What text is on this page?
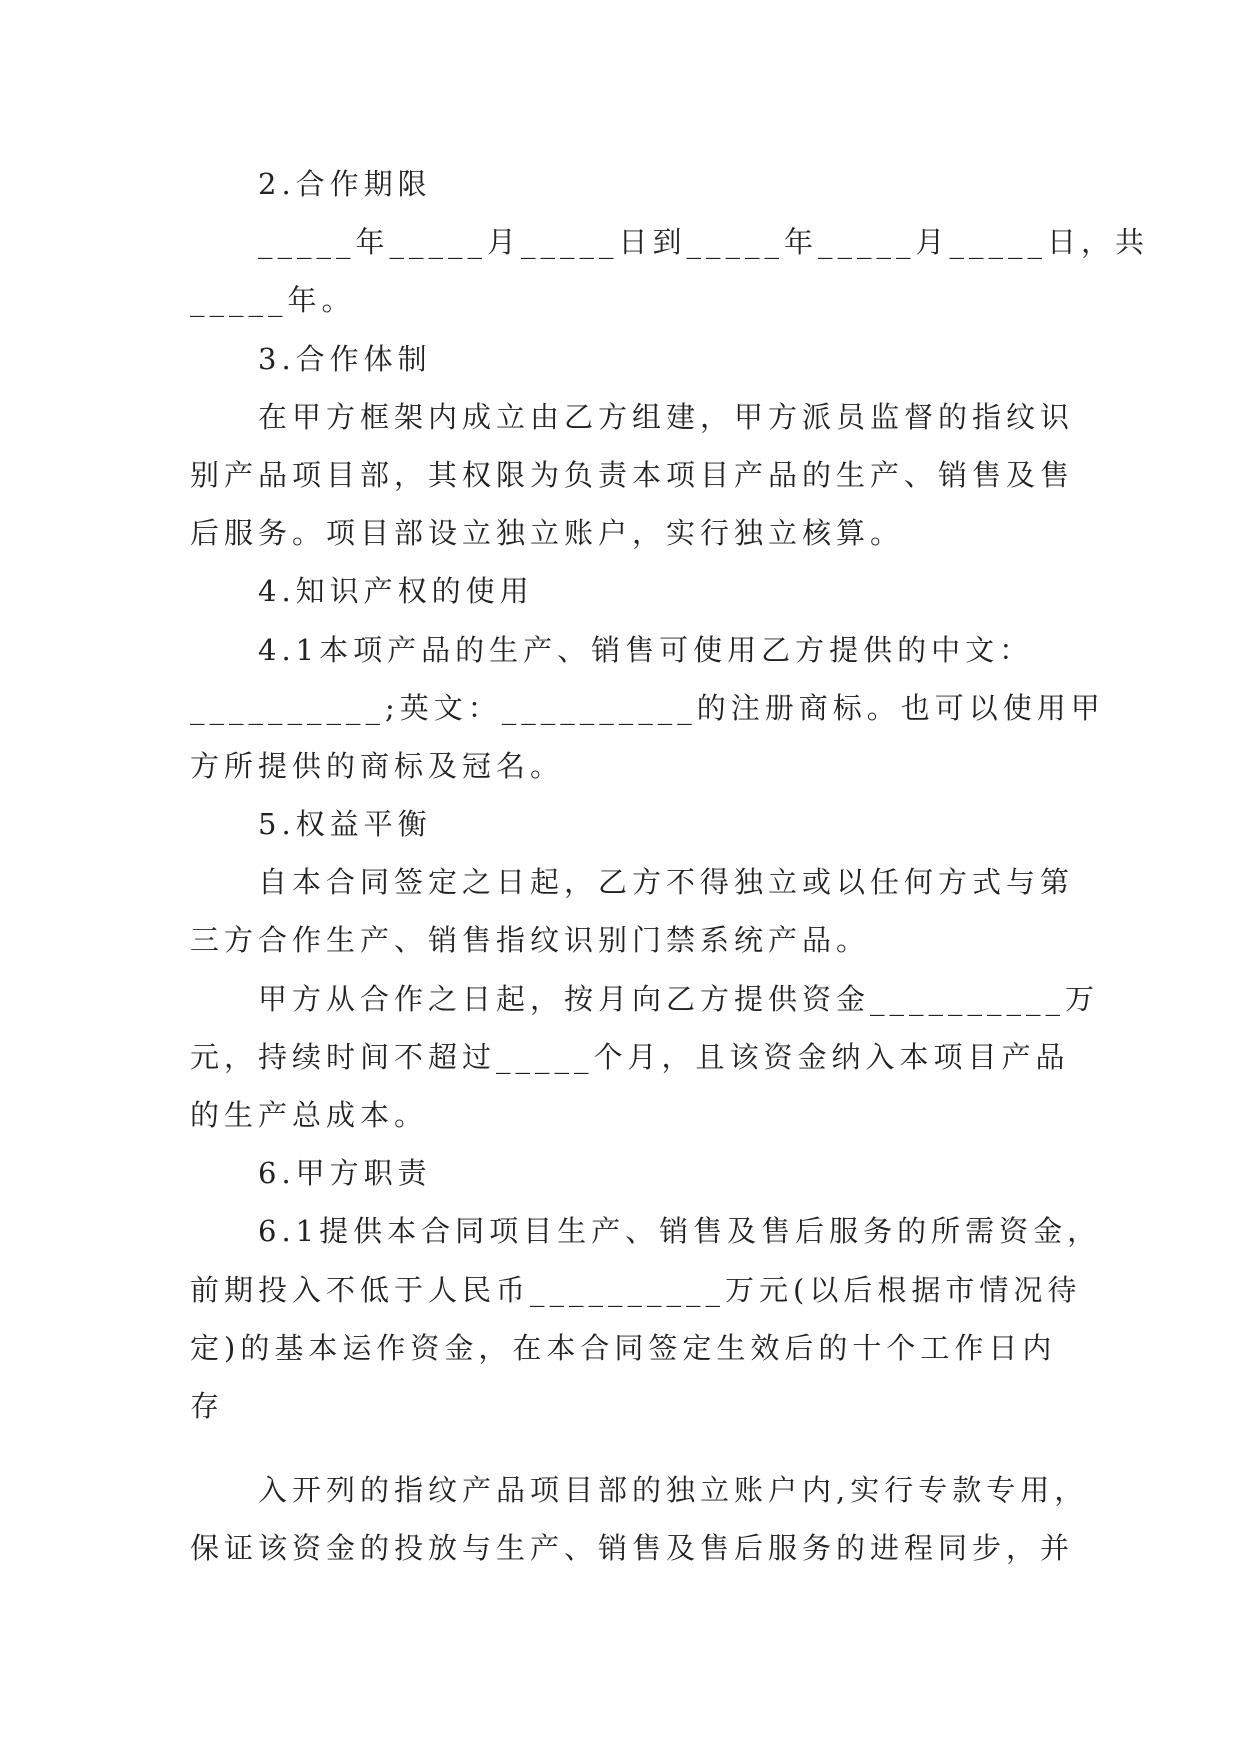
2.合作期限
_____年_____月_____日到_____年_____月_____日，共
_____年。
3.合作体制
在甲方框架内成立由乙方组建，甲方派员监督的指纹识
别产品项目部，其权限为负责本项目产品的生产、销售及售
后服务。项目部设立独立账户，实行独立核算。
4.知识产权的使用
4.1本项产品的生产、销售可使用乙方提供的中文：
__________;英文：__________的注册商标。也可以使用甲
方所提供的商标及冠名。
5.权益平衡
自本合同签定之日起，乙方不得独立或以任何方式与第
三方合作生产、销售指纹识别门禁系统产品。
甲方从合作之日起，按月向乙方提供资金__________万
元，持续时间不超过_____个月，且该资金纳入本项目产品
的生产总成本。
6.甲方职责
6.1提供本合同项目生产、销售及售后服务的所需资金，
前期投入不低于人民币__________万元(以后根据市情况待
定)的基本运作资金，在本合同签定生效后的十个工作日内
存
入开列的指纹产品项目部的独立账户内,实行专款专用，
保证该资金的投放与生产、销售及售后服务的进程同步，并
